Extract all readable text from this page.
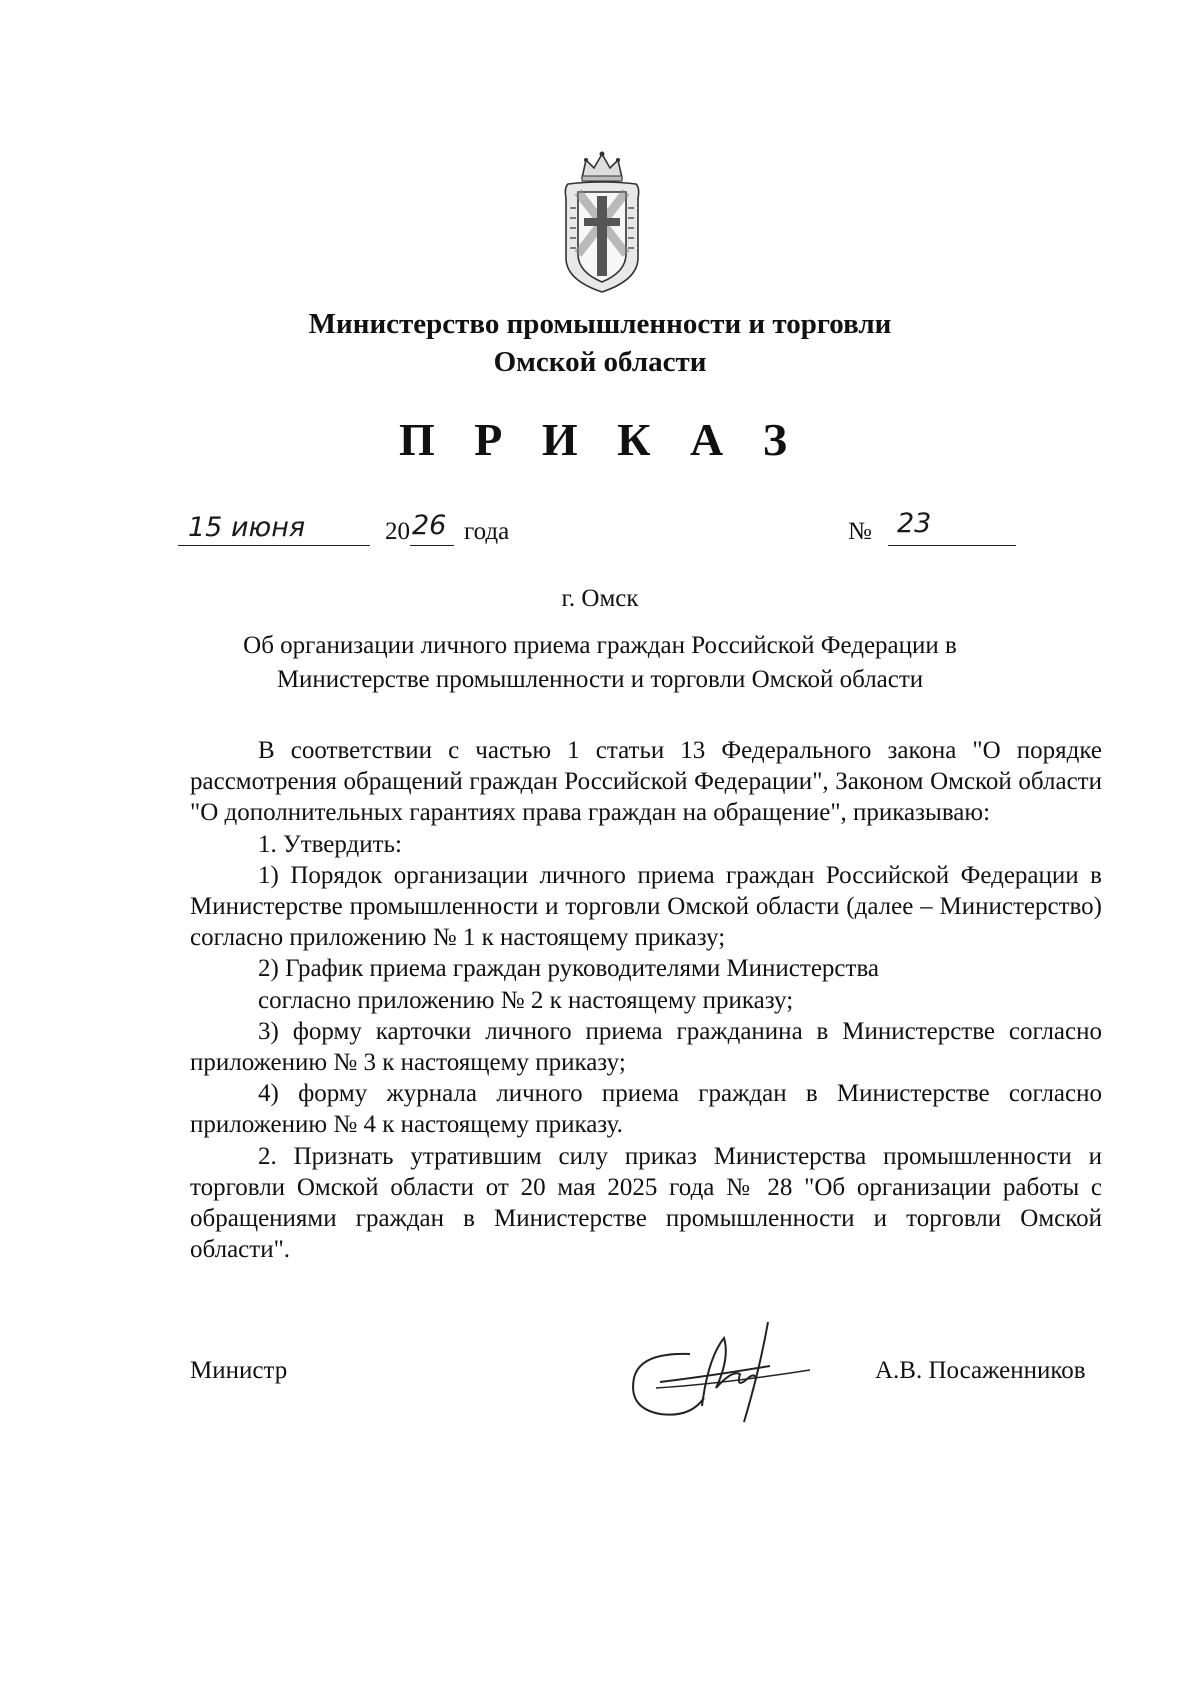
Министерство промышленности и торговли
Омской области
П Р И К А З
15 июня	20 26 года	№ 23
г. Омск
Об организации личного приема граждан Российской Федерации в
Министерстве промышленности и торговли Омской области

В соответствии с частью 1 статьи 13 Федерального закона "О порядке рассмотрения обращений граждан Российской Федерации", Законом Омской области "О дополнительных гарантиях права граждан на обращение", приказываю:

1. Утвердить:

1) Порядок организации личного приема граждан Российской Федерации в Министерстве промышленности и торговли Омской области (далее – Министерство) согласно приложению № 1 к настоящему приказу;

2) График приема граждан руководителями Министерства

согласно приложению № 2 к настоящему приказу;

3) форму карточки личного приема гражданина в Министерстве согласно приложению № 3 к настоящему приказу;

4) форму журнала личного приема граждан в Министерстве согласно приложению № 4 к настоящему приказу.

2. Признать утратившим силу приказ Министерства промышленности и торговли Омской области от 20 мая 2025 года № 28 "Об организации работы с обращениями граждан в Министерстве промышленности и торговли Омской области".

Министр	А.В. Посаженников
